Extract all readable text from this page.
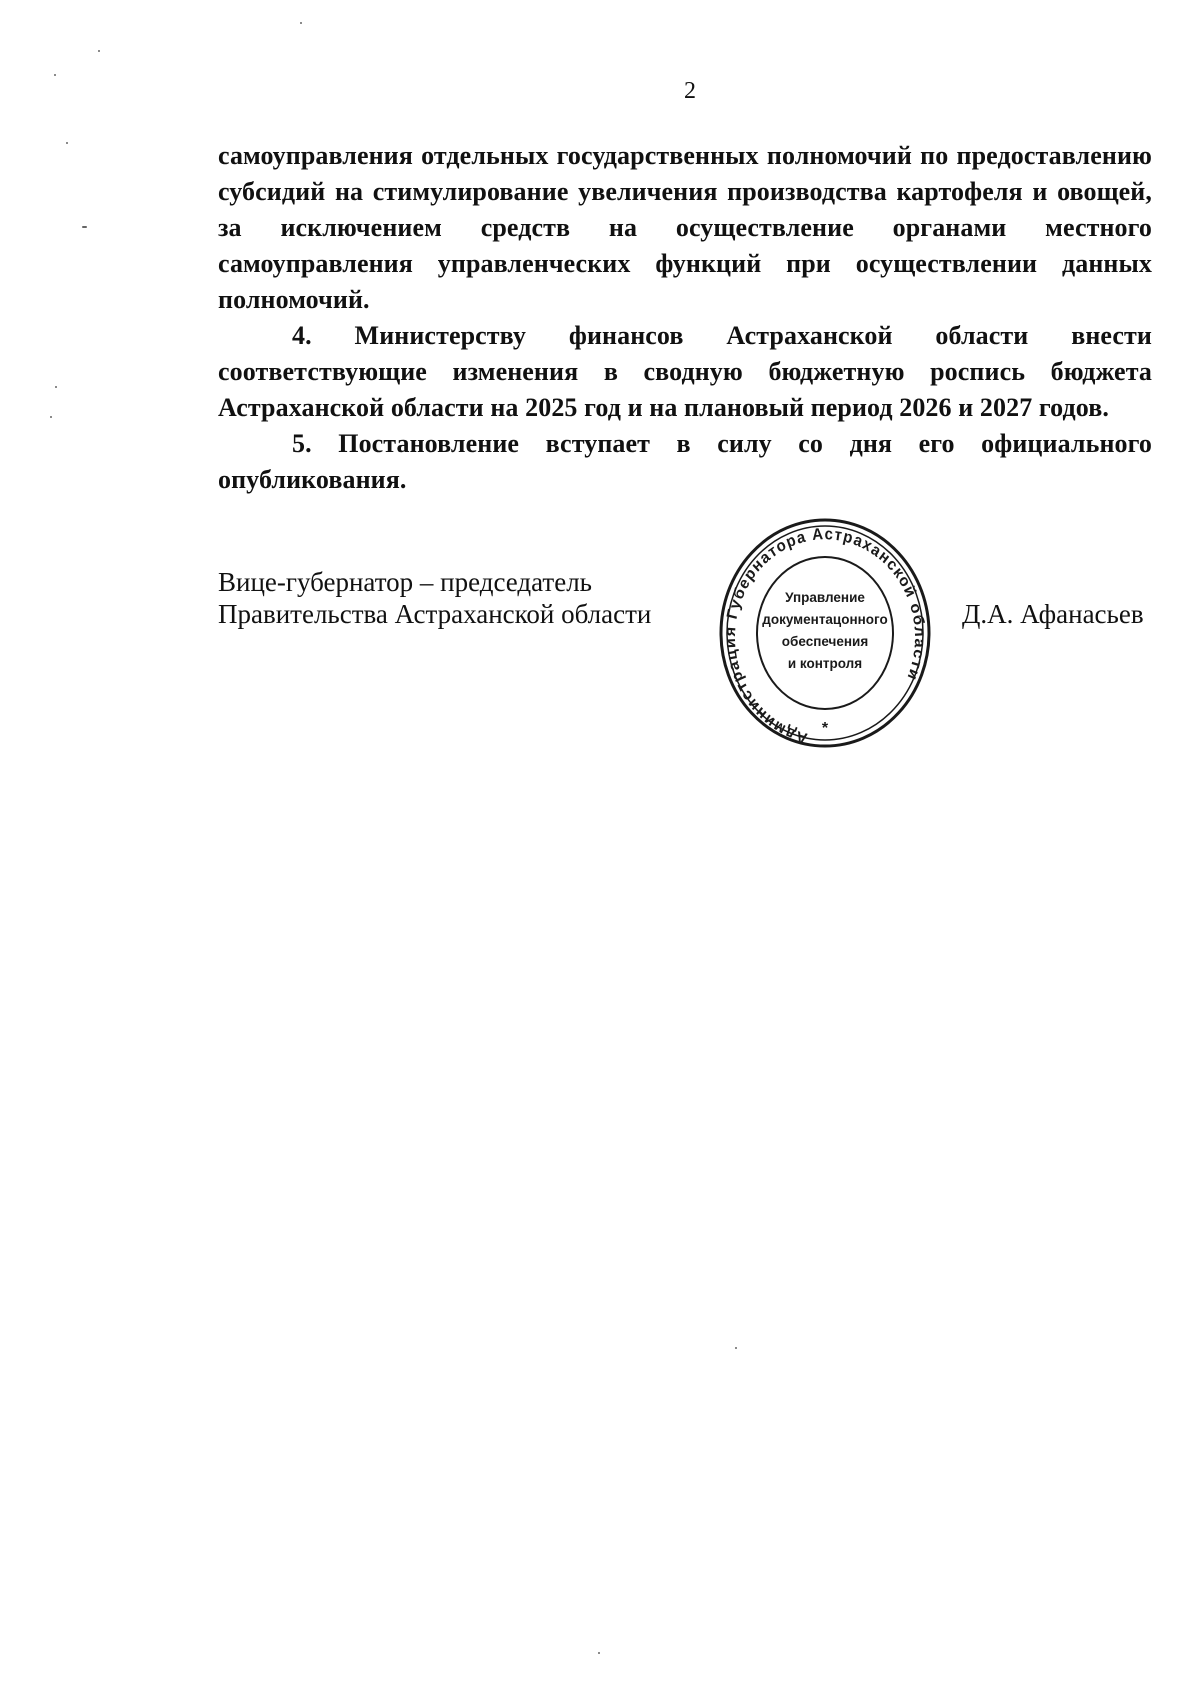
2

самоуправления отдельных государственных полномочий по предоставлению субсидий на стимулирование увеличения производства картофеля и овощей, за исключением средств на осуществление органами местного самоуправления управленческих функций при осуществлении данных полномочий.

4. Министерству финансов Астраханской области внести соответствующие изменения в сводную бюджетную роспись бюджета Астраханской области на 2025 год и на плановый период 2026 и 2027 годов.

5. Постановление вступает в силу со дня его официального опубликования.

Вице-губернатор – председатель
Правительства Астраханской области	Д.А. Афанасьев
Администрация Губернатора Астраханской области
*
Управление
документацонного
обеспечения
и контроля
